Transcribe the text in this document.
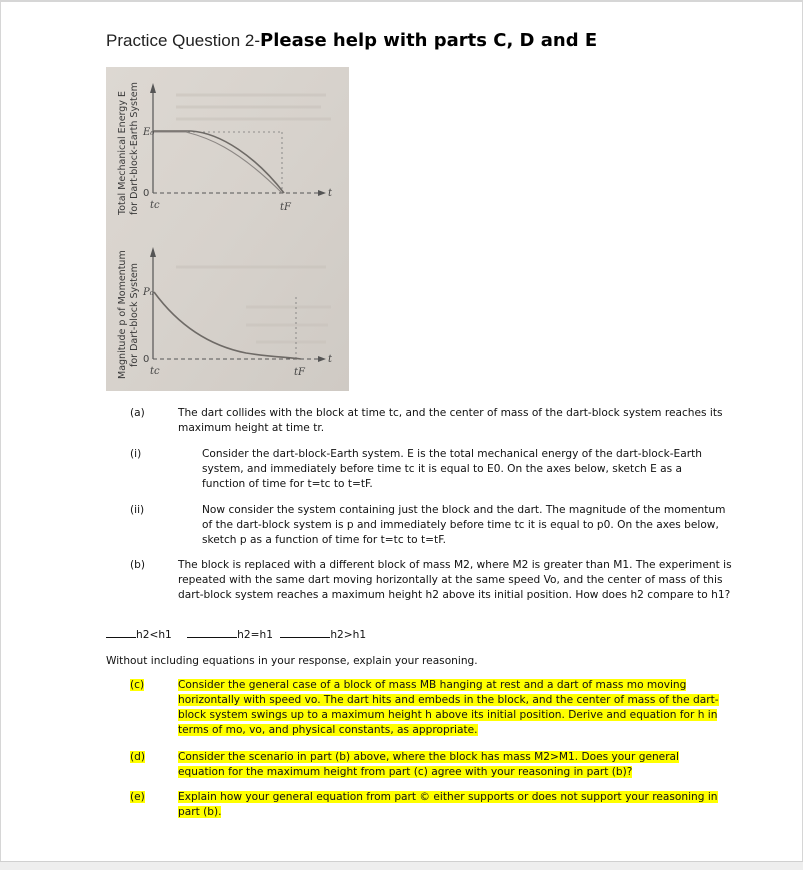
Practice Question 2-Please help with parts C, D and E
Total Mechanical Energy E for Dart-block-Earth System E₀
0
tc	tF
t
Magnitude p of Momentum for Dart-block System P₀
0
tc	tF
t
(a)	The dart collides with the block at time tc, and the center of mass of the dart-block system reaches its maximum height at time tr.
(i)	Consider the dart-block-Earth system. E is the total mechanical energy of the dart-block-Earth system, and immediately before time tc it is equal to E0. On the axes below, sketch E as a function of time for t=tc to t=tF.
(ii)	Now consider the system containing just the block and the dart. The magnitude of the momentum of the dart-block system is p and immediately before time tc it is equal to p0. On the axes below, sketch p as a function of time for t=tc to t=tF.
(b)	The block is replaced with a different block of mass M2, where M2 is greater than M1. The experiment is repeated with the same dart moving horizontally at the same speed Vo, and the center of mass of this dart-block system reaches a maximum height h2 above its initial position. How does h2 compare to h1?
h2<h1	h2=h1	h2>h1
Without including equations in your response, explain your reasoning.
(c)	Consider the general case of a block of mass MB hanging at rest and a dart of mass mo moving horizontally with speed vo. The dart hits and embeds in the block, and the center of mass of the dart-block system swings up to a maximum height h above its initial position. Derive and equation for h in terms of mo, vo, and physical constants, as appropriate.
(d)	Consider the scenario in part (b) above, where the block has mass M2>M1. Does your general equation for the maximum height from part (c) agree with your reasoning in part (b)?
(e)	Explain how your general equation from part © either supports or does not support your reasoning in part (b).
